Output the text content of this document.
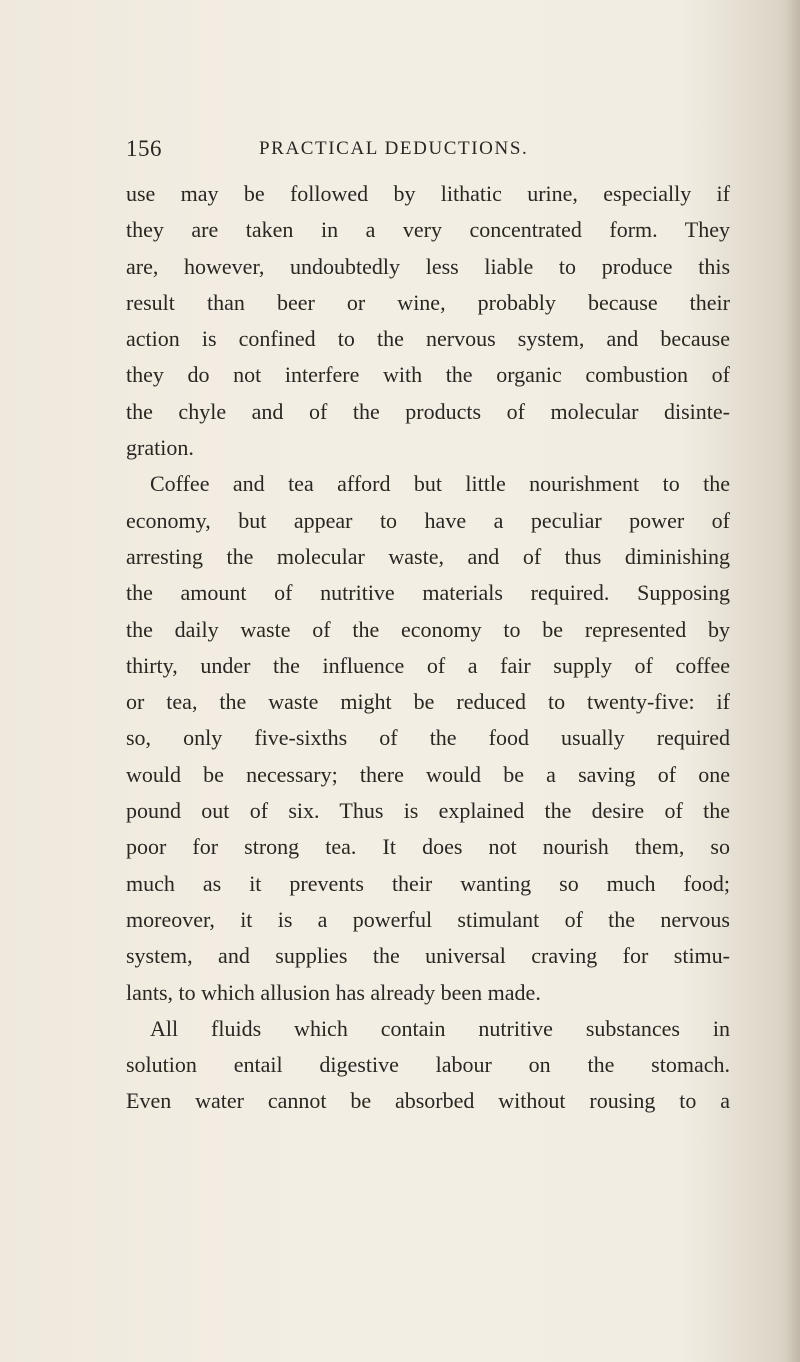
156	PRACTICAL DEDUCTIONS.
use may be followed by lithatic urine, especially if
they are taken in a very concentrated form. They
are, however, undoubtedly less liable to produce this
result than beer or wine, probably because their
action is confined to the nervous system, and because
they do not interfere with the organic combustion of
the chyle and of the products of molecular disinte-
gration.
Coffee and tea afford but little nourishment to the
economy, but appear to have a peculiar power of
arresting the molecular waste, and of thus diminishing
the amount of nutritive materials required. Supposing
the daily waste of the economy to be represented by
thirty, under the influence of a fair supply of coffee
or tea, the waste might be reduced to twenty-five: if
so, only five-sixths of the food usually required
would be necessary; there would be a saving of one
pound out of six. Thus is explained the desire of the
poor for strong tea. It does not nourish them, so
much as it prevents their wanting so much food;
moreover, it is a powerful stimulant of the nervous
system, and supplies the universal craving for stimu-
lants, to which allusion has already been made.
All fluids which contain nutritive substances in
solution entail digestive labour on the stomach.
Even water cannot be absorbed without rousing to a
